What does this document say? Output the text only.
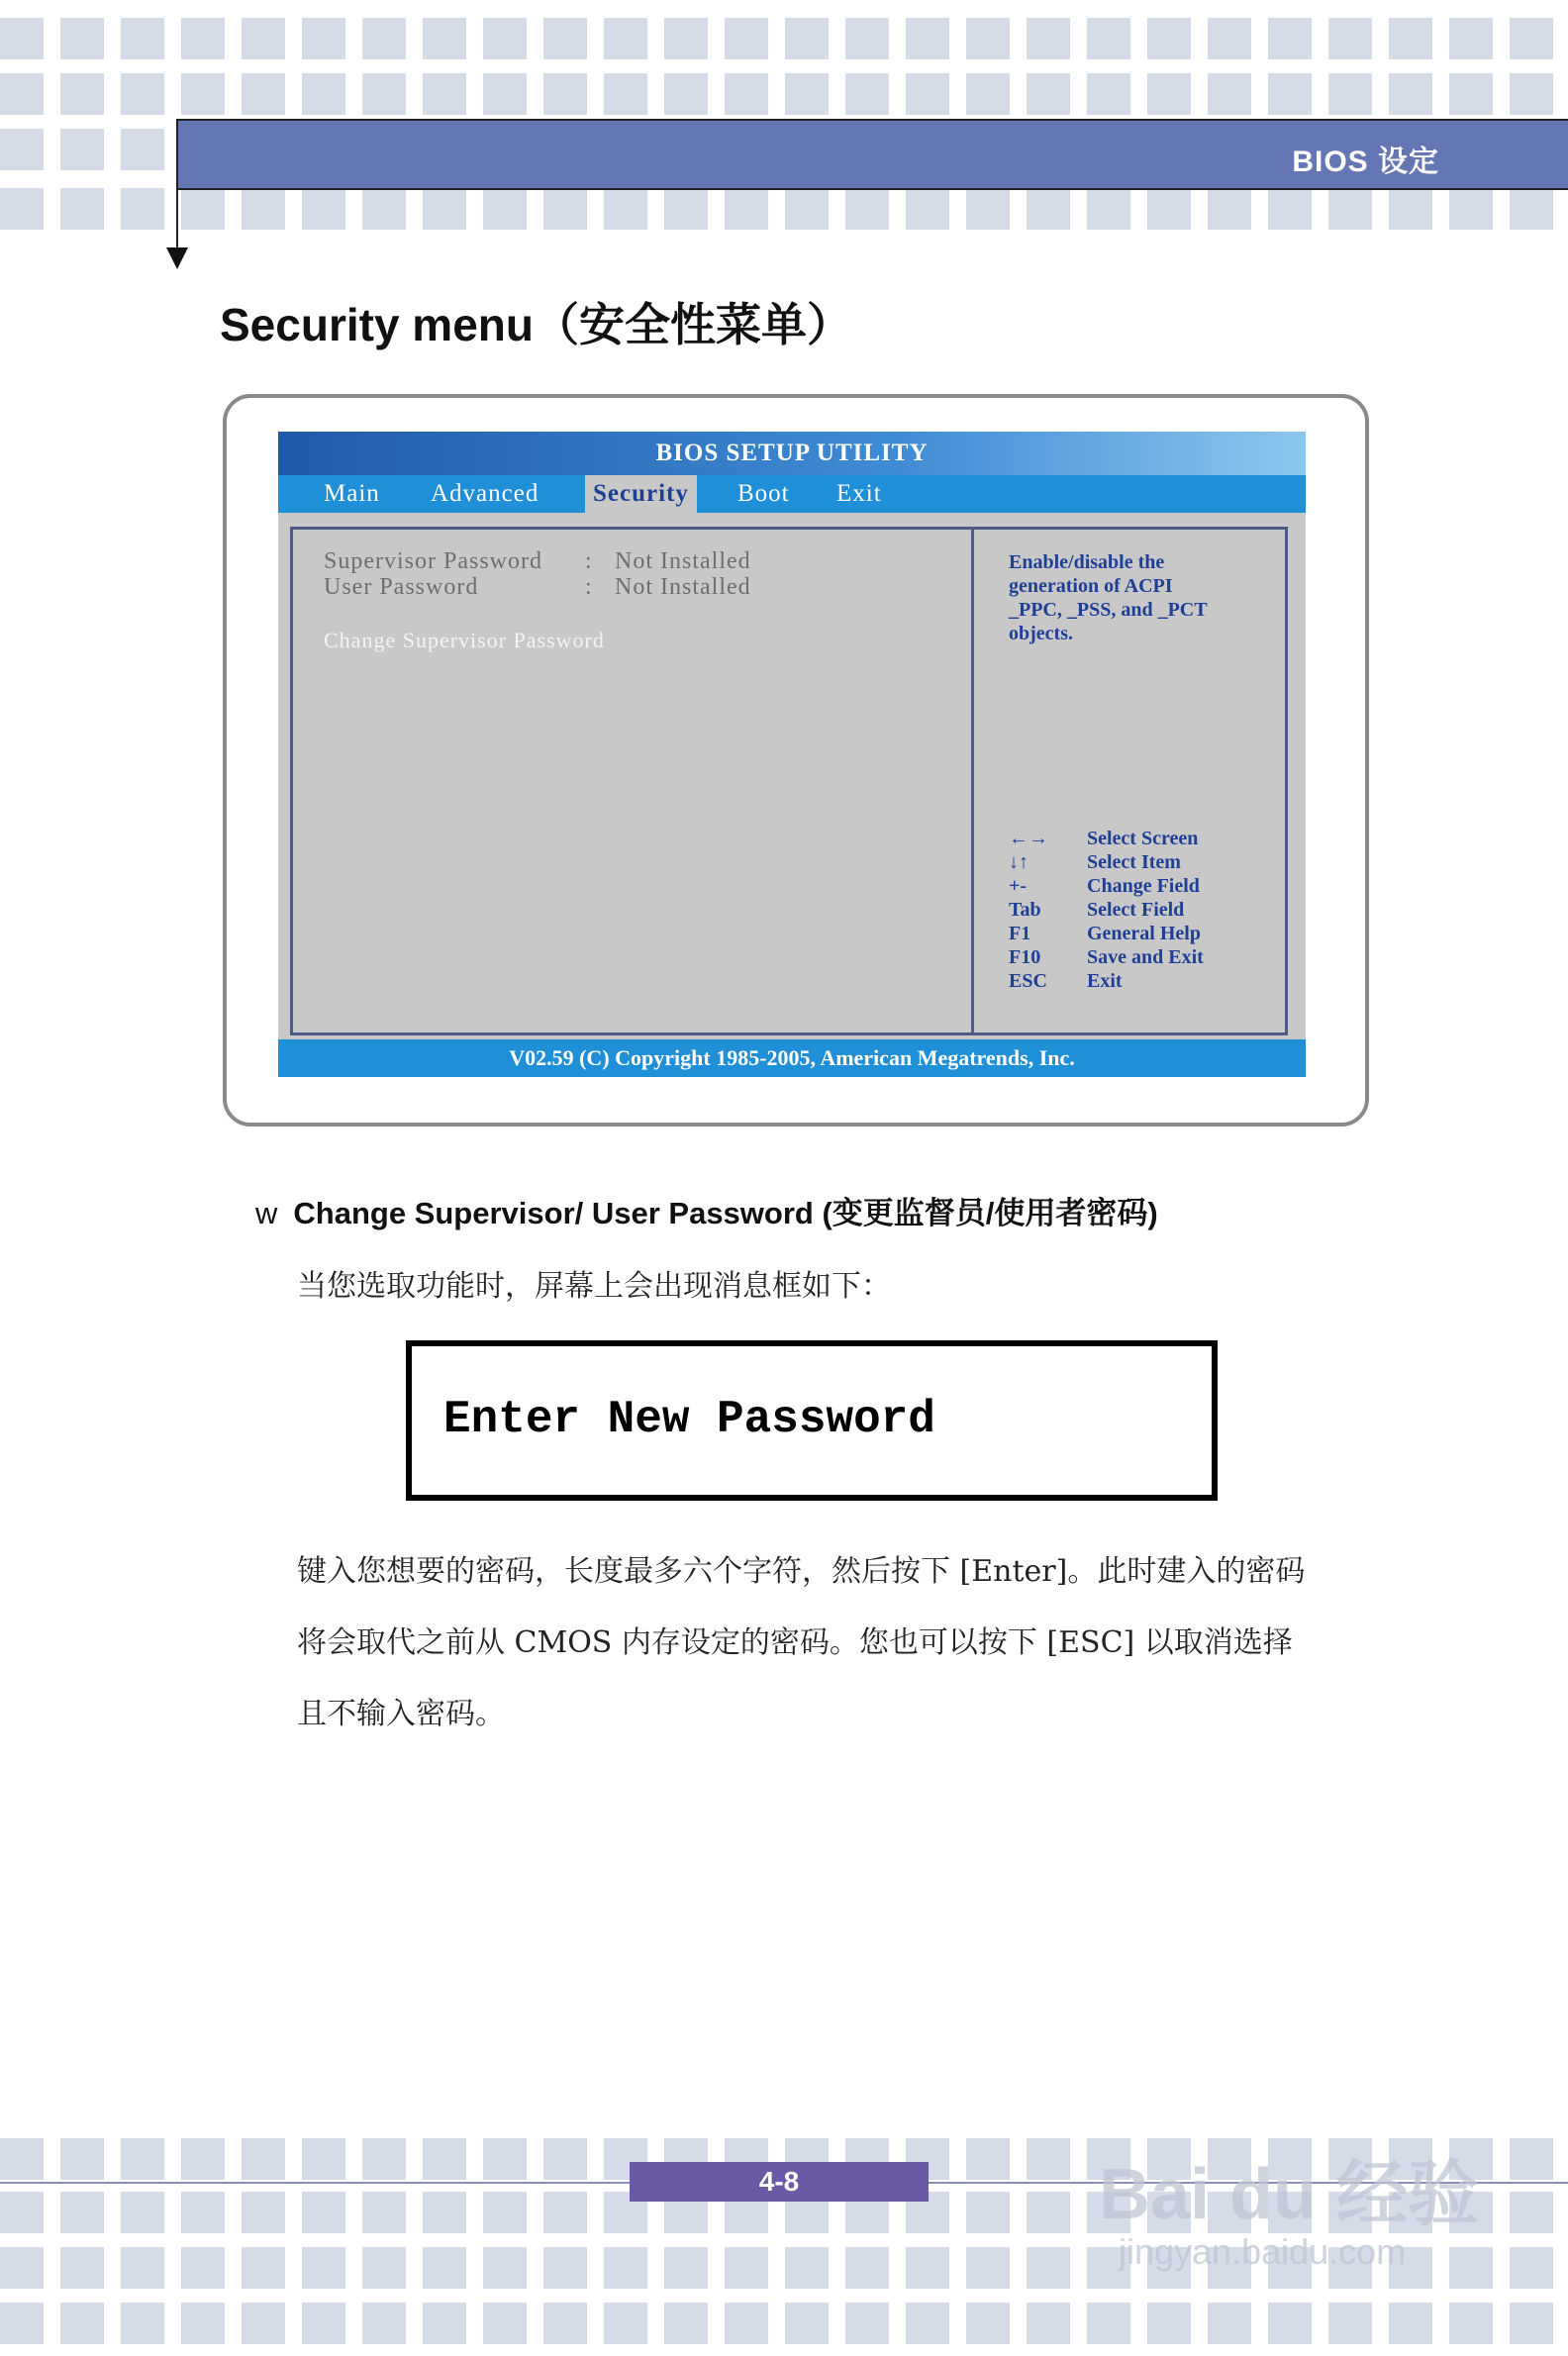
BIOS 设定
Security menu（安全性菜单）
BIOS SETUP UTILITY
Main Advanced	Security	Boot Exit
Supervisor Password : Not Installed
User Password	: Not Installed
Change Supervisor Password
Enable/disable the
generation of ACPI
_PPC, _PSS, and _PCT
objects.
←→ Select Screen
↓↑	Select Item
+-	Change Field
Tab Select Field
F1	General Help
F10 Save and Exit
ESC Exit
V02.59 (C) Copyright 1985-2005, American Megatrends, Inc.
w Change Supervisor/ User Password (变更监督员/使用者密码)
当您选取功能时，屏幕上会出现消息框如下：
Enter New Password
键入您想要的密码，长度最多六个字符，然后按下 [Enter]。此时建入的密码
将会取代之前从 CMOS 内存设定的密码。您也可以按下 [ESC] 以取消选择
且不输入密码。
4-8	Bai du 经验
jingyan.baidu.com
